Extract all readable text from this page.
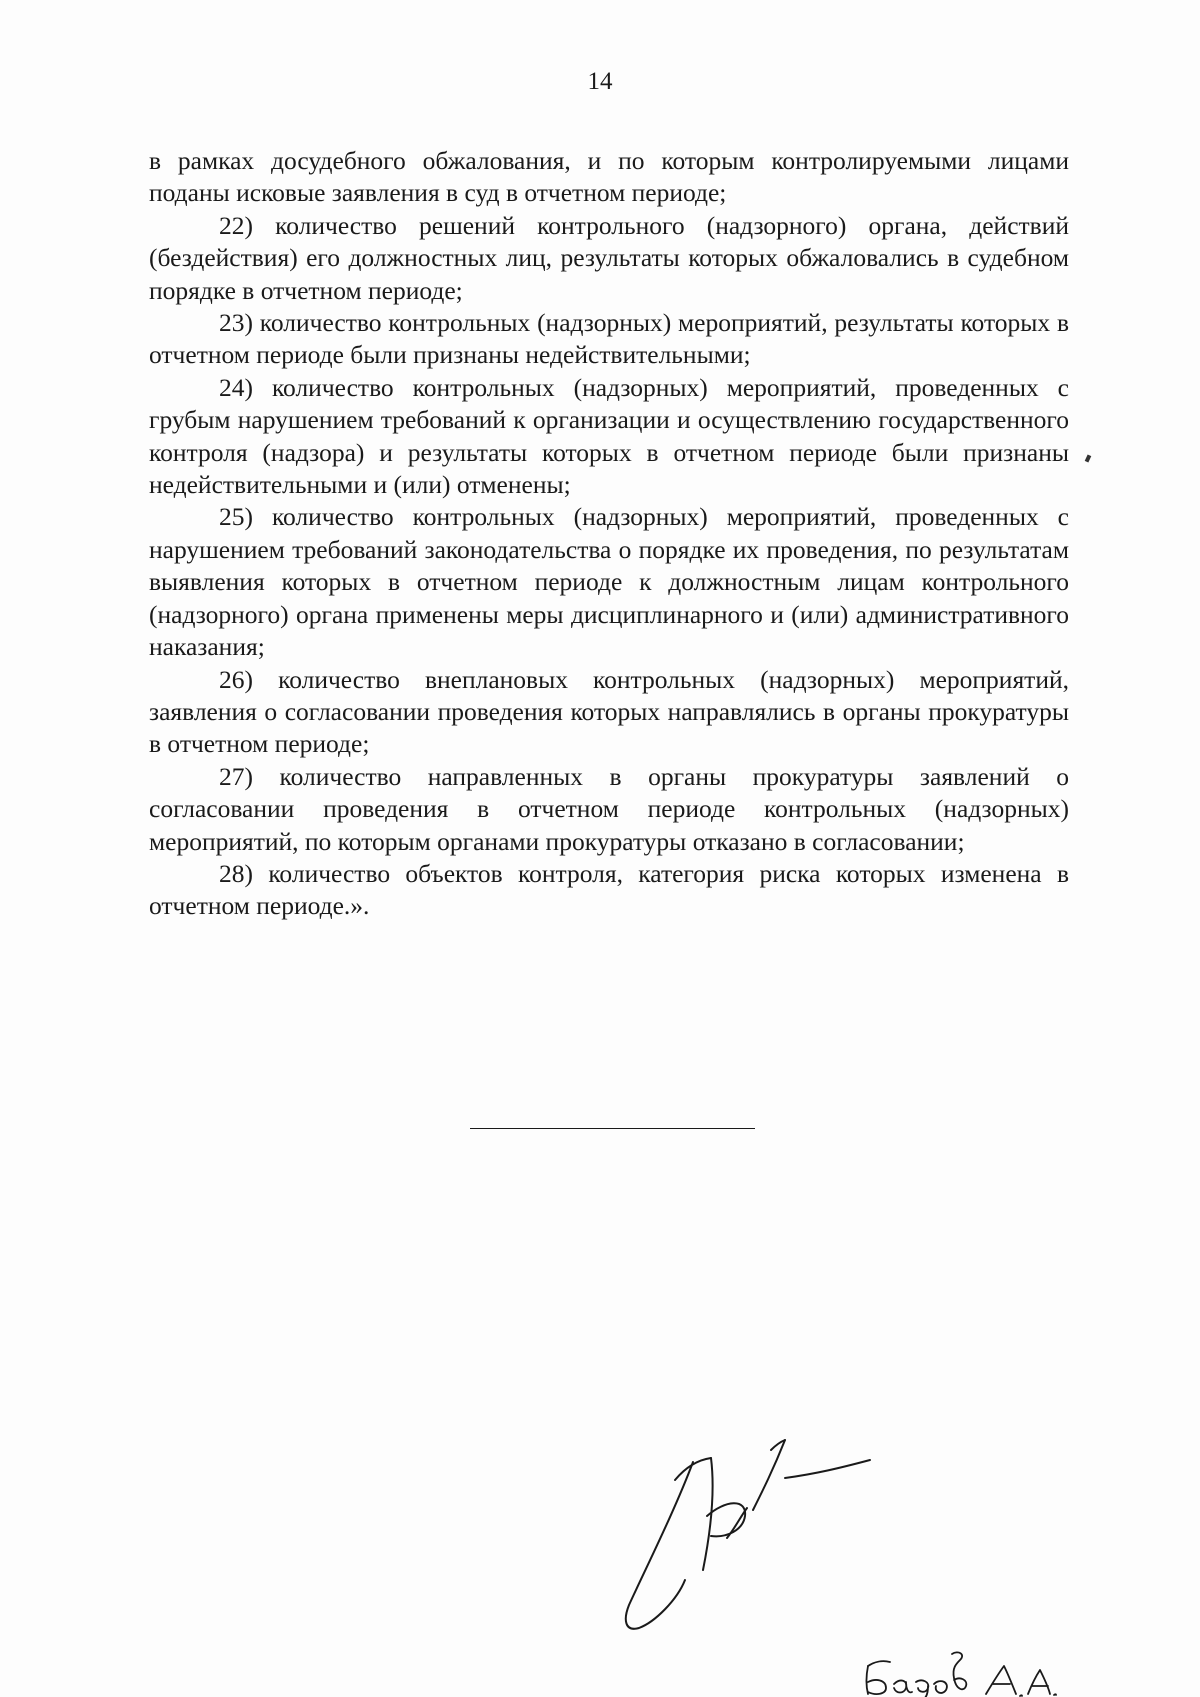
14

в рамках досудебного обжалования, и по которым контролируемыми лицами поданы исковые заявления в суд в отчетном периоде;

22) количество решений контрольного (надзорного) органа, действий (бездействия) его должностных лиц, результаты которых обжаловались в судебном порядке в отчетном периоде;

23) количество контрольных (надзорных) мероприятий, результаты которых в отчетном периоде были признаны недействительными;

24) количество контрольных (надзорных) мероприятий, проведенных с грубым нарушением требований к организации и осуществлению государственного контроля (надзора) и результаты которых в отчетном периоде были признаны недействительными и (или) отменены;

25) количество контрольных (надзорных) мероприятий, проведенных с нарушением требований законодательства о порядке их проведения, по результатам выявления которых в отчетном периоде к должностным лицам контрольного (надзорного) органа применены меры дисциплинарного и (или) административного наказания;

26) количество внеплановых контрольных (надзорных) мероприятий, заявления о согласовании проведения которых направлялись в органы прокуратуры в отчетном периоде;

27) количество направленных в органы прокуратуры заявлений о согласовании проведения в отчетном периоде контрольных (надзорных) мероприятий, по которым органами прокуратуры отказано в согласовании;

28) количество объектов контроля, категория риска которых изменена в отчетном периоде.».
